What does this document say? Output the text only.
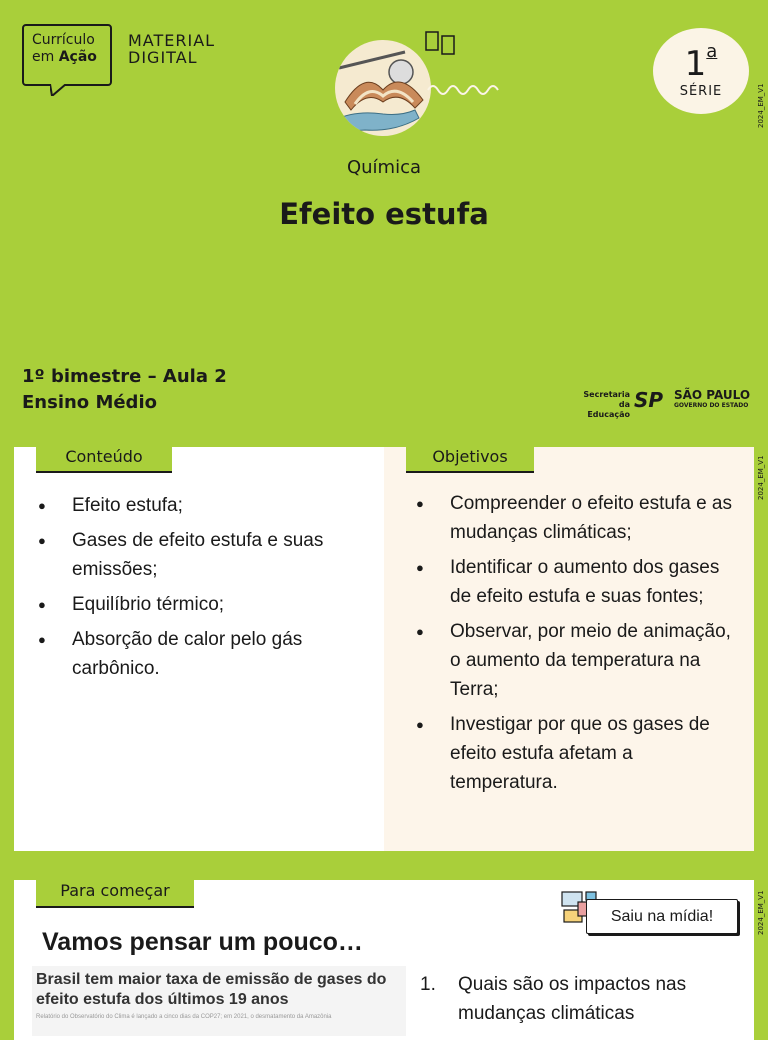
Currículo
em Ação
MATERIAL
DIGITAL	1$^a$
SÉRIE	2024_EM_V1
Química
Efeito estufa
1º bimestre – Aula 2
Ensino Médio	Secretaria da
Educação
SP SÃO PAULO
GOVERNO DO ESTADO
Conteúdo	Objetivos
● Efeito estufa;
● Gases de efeito estufa e suas emissões;
● Equilíbrio térmico;
● Absorção de calor pelo gás carbônico.
● Compreender o efeito estufa e as mudanças climáticas;
● Identificar o aumento dos gases de efeito estufa e suas fontes;
● Observar, por meio de animação, o aumento da temperatura na Terra;
● Investigar por que os gases de efeito estufa afetam a temperatura.
2024_EM_V1
Para começar
Saiu na mídia!
Vamos pensar um pouco…
Brasil tem maior taxa de emissão de gases do efeito estufa dos últimos 19 anos
Relatório do Observatório do Clima é lançado a cinco dias da COP27; em 2021, o desmatamento da Amazônia
1. Quais são os impactos nas mudanças climáticas
2024_EM_V1
